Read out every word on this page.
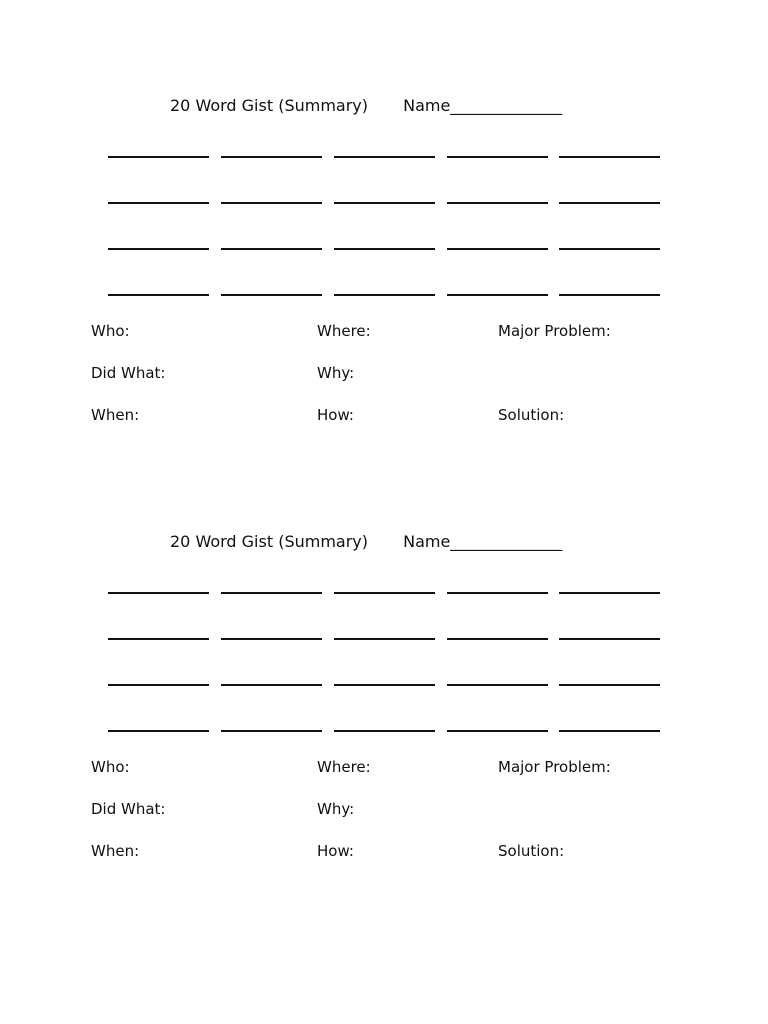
20 Word Gist (Summary) Name______________
Who:	Where:	Major Problem:
Did What:	Why:
When:	How:	Solution:
20 Word Gist (Summary) Name______________
Who:	Where:	Major Problem:
Did What:	Why:
When:	How:	Solution:
